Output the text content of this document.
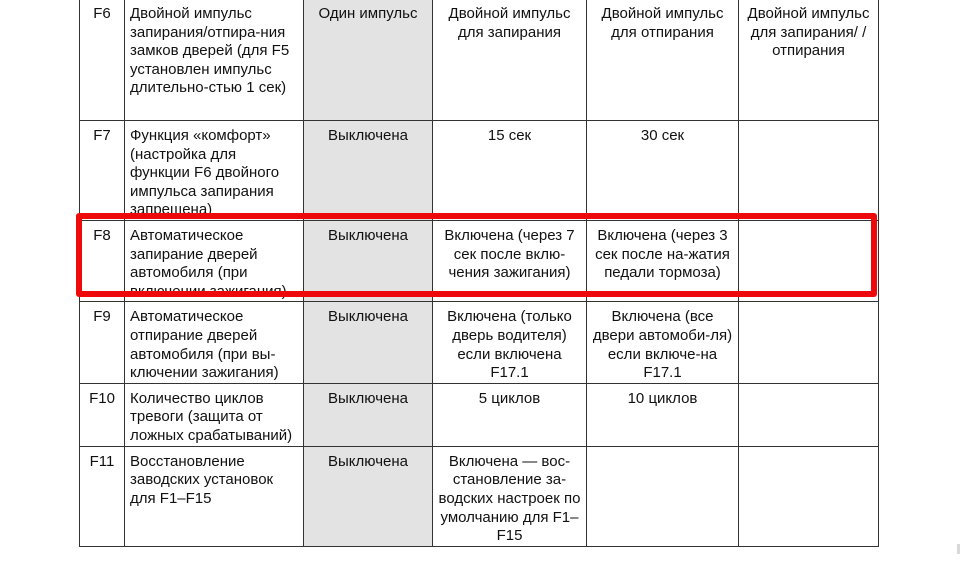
F6	Двойной импульс запирания/отпира-ния замков дверей (для F5 установлен импульс длительно-стью 1 сек)	Один импульс	Двойной импульс для запирания	Двойной импульс для отпирания	Двойной импульс для запирания/ /отпирания
F7	Функция «комфорт» (настройка для функции F6 двойного импульса запирания запрещена)	Выключена	15 сек	30 сек	
F8	Автоматическое запирание дверей автомобиля (при включении зажигания)	Выключена	Включена (через 7 сек после вклю-чения зажигания)	Включена (через 3 сек после на-жатия педали тормоза)	
F9	Автоматическое отпирание дверей автомобиля (при вы-ключении зажигания)	Выключена	Включена (только дверь водителя) если включена F17.1	Включена (все двери автомоби-ля) если включе-на F17.1	
F10	Количество циклов тревоги (защита от ложных срабатываний)	Выключена	5 циклов	10 циклов	
F11	Восстановление заводских установок для F1–F15	Выключена	Включена — вос-становление за-водских настроек по умолчанию для F1–F15		
